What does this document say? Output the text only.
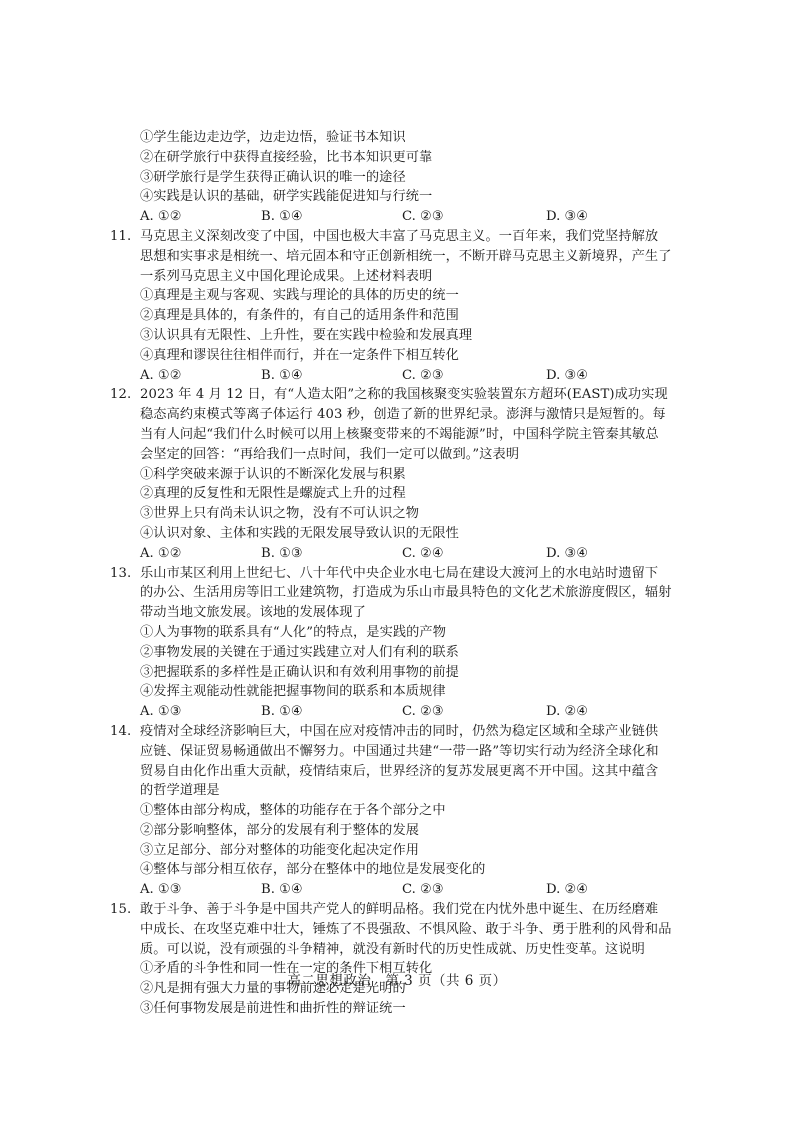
①学生能边走边学，边走边悟，验证书本知识
②在研学旅行中获得直接经验，比书本知识更可靠
③研学旅行是学生获得正确认识的唯一的途径
④实践是认识的基础，研学实践能促进知与行统一
A. ①②	B. ①④	C. ②③	D. ③④
11. 马克思主义深刻改变了中国，中国也极大丰富了马克思主义。一百年来，我们党坚持解放
思想和实事求是相统一、培元固本和守正创新相统一，不断开辟马克思主义新境界，产生了
一系列马克思主义中国化理论成果。上述材料表明
①真理是主观与客观、实践与理论的具体的历史的统一
②真理是具体的，有条件的，有自己的适用条件和范围
③认识具有无限性、上升性，要在实践中检验和发展真理
④真理和谬误往往相伴而行，并在一定条件下相互转化
A. ①②	B. ①④	C. ②③	D. ③④
12. 2023 年 4 月 12 日，有“人造太阳”之称的我国核聚变实验装置东方超环(EAST)成功实现
稳态高约束模式等离子体运行 403 秒，创造了新的世界纪录。澎湃与激情只是短暂的。每
当有人问起“我们什么时候可以用上核聚变带来的不竭能源”时，中国科学院主管秦其敏总
会坚定的回答：“再给我们一点时间，我们一定可以做到。”这表明
①科学突破来源于认识的不断深化发展与积累
②真理的反复性和无限性是螺旋式上升的过程
③世界上只有尚未认识之物，没有不可认识之物
④认识对象、主体和实践的无限发展导致认识的无限性
A. ①②	B. ①③	C. ②④	D. ③④
13. 乐山市某区利用上世纪七、八十年代中央企业水电七局在建设大渡河上的水电站时遗留下
的办公、生活用房等旧工业建筑物，打造成为乐山市最具特色的文化艺术旅游度假区，辐射
带动当地文旅发展。该地的发展体现了
①人为事物的联系具有“人化”的特点，是实践的产物
②事物发展的关键在于通过实践建立对人们有利的联系
③把握联系的多样性是正确认识和有效利用事物的前提
④发挥主观能动性就能把握事物间的联系和本质规律
A. ①③	B. ①④	C. ②③	D. ②④
14. 疫情对全球经济影响巨大，中国在应对疫情冲击的同时，仍然为稳定区域和全球产业链供
应链、保证贸易畅通做出不懈努力。中国通过共建“一带一路”等切实行动为经济全球化和
贸易自由化作出重大贡献，疫情结束后，世界经济的复苏发展更离不开中国。这其中蕴含
的哲学道理是
①整体由部分构成，整体的功能存在于各个部分之中
②部分影响整体，部分的发展有利于整体的发展
③立足部分、部分对整体的功能变化起决定作用
④整体与部分相互依存，部分在整体中的地位是发展变化的
A. ①③	B. ①④	C. ②③	D. ②④
15. 敢于斗争、善于斗争是中国共产党人的鲜明品格。我们党在内忧外患中诞生、在历经磨难
中成长、在攻坚克难中壮大，锤炼了不畏强敌、不惧风险、敢于斗争、勇于胜利的风骨和品
质。可以说，没有顽强的斗争精神，就没有新时代的历史性成就、历史性变革。这说明
①矛盾的斗争性和同一性在一定的条件下相互转化
②凡是拥有强大力量的事物前途必定是光明的
③任何事物发展是前进性和曲折性的辩证统一
高二思想政治　第 3 页（共 6 页）
